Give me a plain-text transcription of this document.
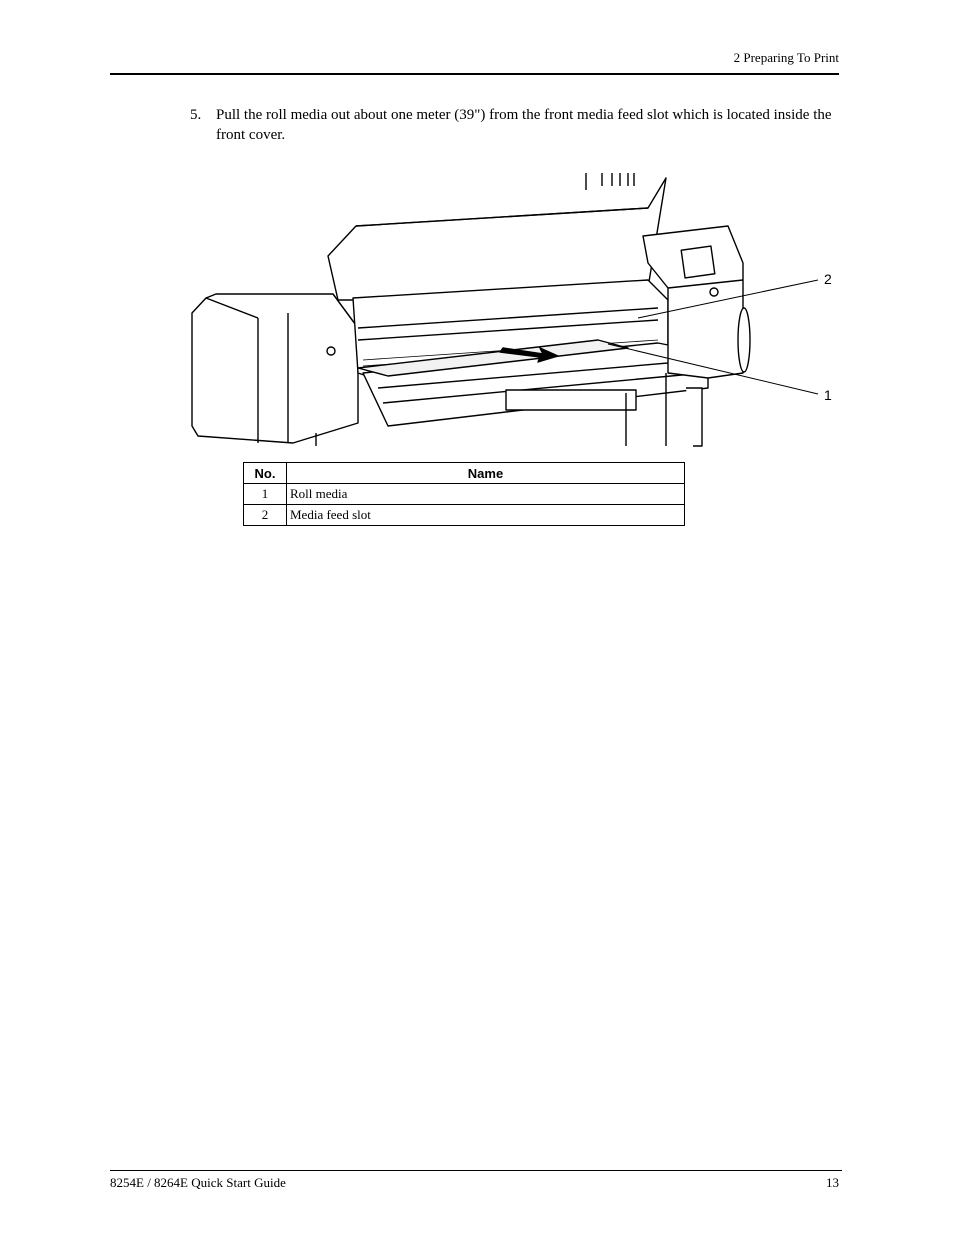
2 Preparing To Print
5. Pull the roll media out about one meter (39") from the front media feed slot which is located inside the front cover.
2
1
No.	Name
1	Roll media
2	Media feed slot
8254E / 8264E Quick Start Guide	13
